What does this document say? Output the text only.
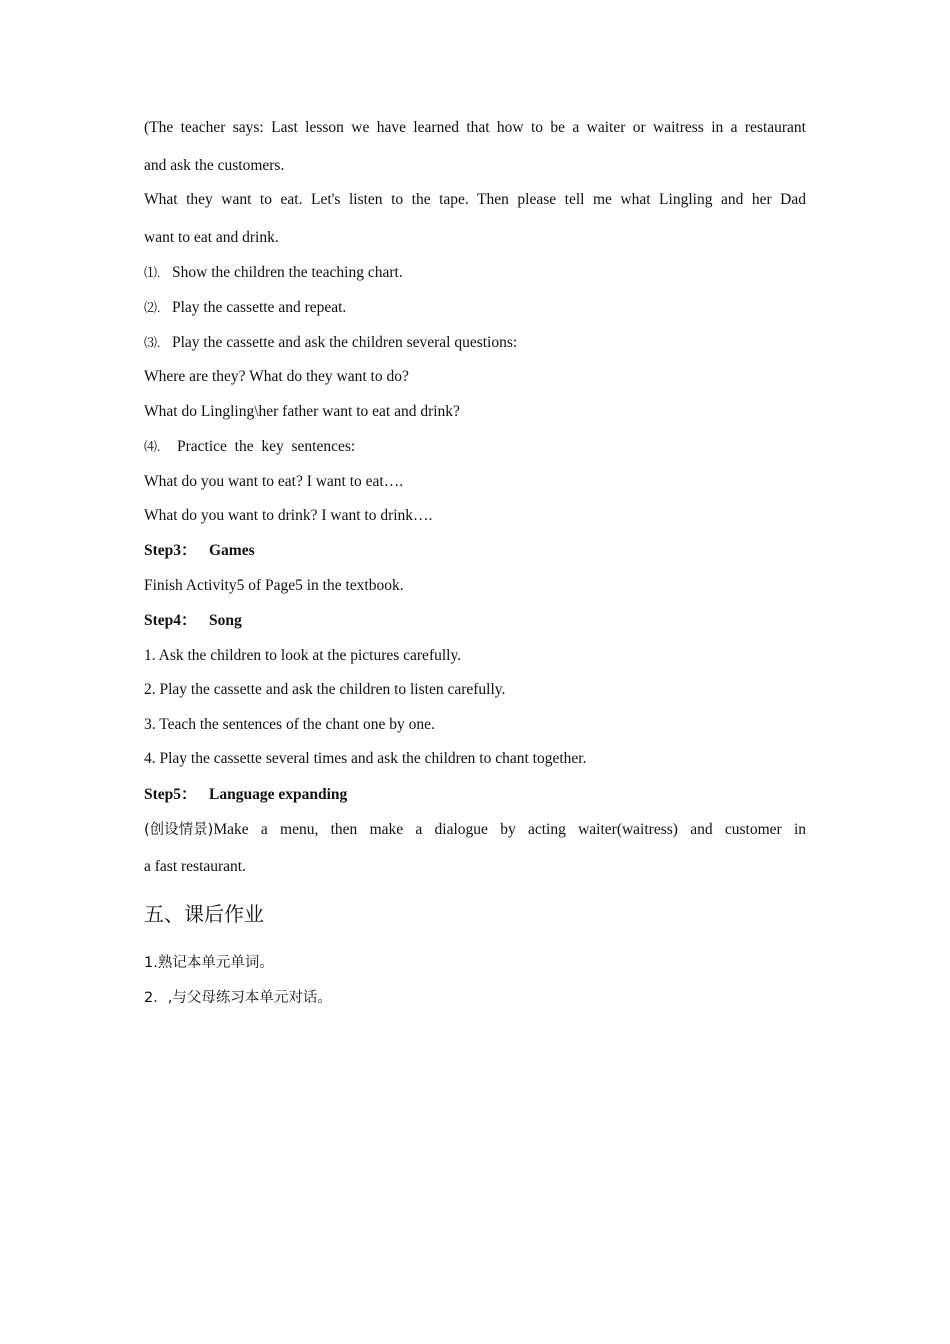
(The teacher says: Last lesson we have learned that how to be a waiter or waitress in a restaurant
and ask the customers.
What they want to eat. Let's listen to the tape. Then please tell me what Lingling and her Dad
want to eat and drink.
⑴. Show the children the teaching chart.
⑵. Play the cassette and repeat.
⑶. Play the cassette and ask the children several questions:
Where are they? What do they want to do?
What do Lingling\her father want to eat and drink?
⑷. Practice  the  key  sentences:
What do you want to eat? I want to eat….
What do you want to drink? I want to drink….
Step3： Games
Finish Activity5 of Page5 in the textbook.
Step4： Song
1. Ask the children to look at the pictures carefully.
2. Play the cassette and ask the children to listen carefully.
3. Teach the sentences of the chant one by one.
4. Play the cassette several times and ask the children to chant together.
Step5： Language expanding
(创设情景) Make a menu, then make a dialogue by acting waiter(waitress) and customer in
a fast restaurant.
五、课后作业
1.熟记本单元单词。
2．,与父母练习本单元对话。
